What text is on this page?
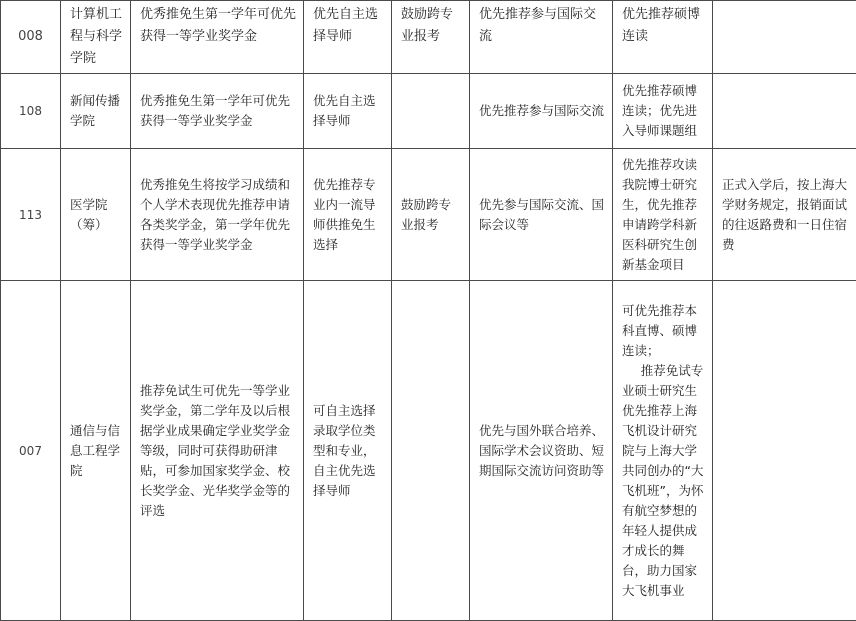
008	计算机工程与科学学院	优秀推免生第一学年可优先获得一等学业奖学金	优先自主选择导师	鼓励跨专业报考	优先推荐参与国际交流	优先推荐硕博连读	
108	新闻传播学院	优秀推免生第一学年可优先获得一等学业奖学金	优先自主选择导师		优先推荐参与国际交流	优先推荐硕博连读；优先进入导师课题组	
113	医学院（筹）	优秀推免生将按学习成绩和个人学术表现优先推荐申请各类奖学金，第一学年优先获得一等学业奖学金	优先推荐专业内一流导师供推免生选择	鼓励跨专业报考	优先参与国际交流、国际会议等	优先推荐攻读我院博士研究生，优先推荐申请跨学科新医科研究生创新基金项目	正式入学后，按上海大学财务规定，报销面试的往返路费和一日住宿费
007	通信与信息工程学院	推荐免试生可优先一等学业奖学金，第二学年及以后根据学业成果确定学业奖学金等级，同时可获得助研津贴，可参加国家奖学金、校长奖学金、光华奖学金等的评选	可自主选择录取学位类型和专业，自主优先选择导师		优先与国外联合培养、国际学术会议资助、短期国际交流访问资助等	可优先推荐本科直博、硕博连读；
推荐免试专业硕士研究生优先推荐上海飞机设计研究院与上海大学共同创办的“大飞机班”，为怀有航空梦想的年轻人提供成才成长的舞台，助力国家大飞机事业	
